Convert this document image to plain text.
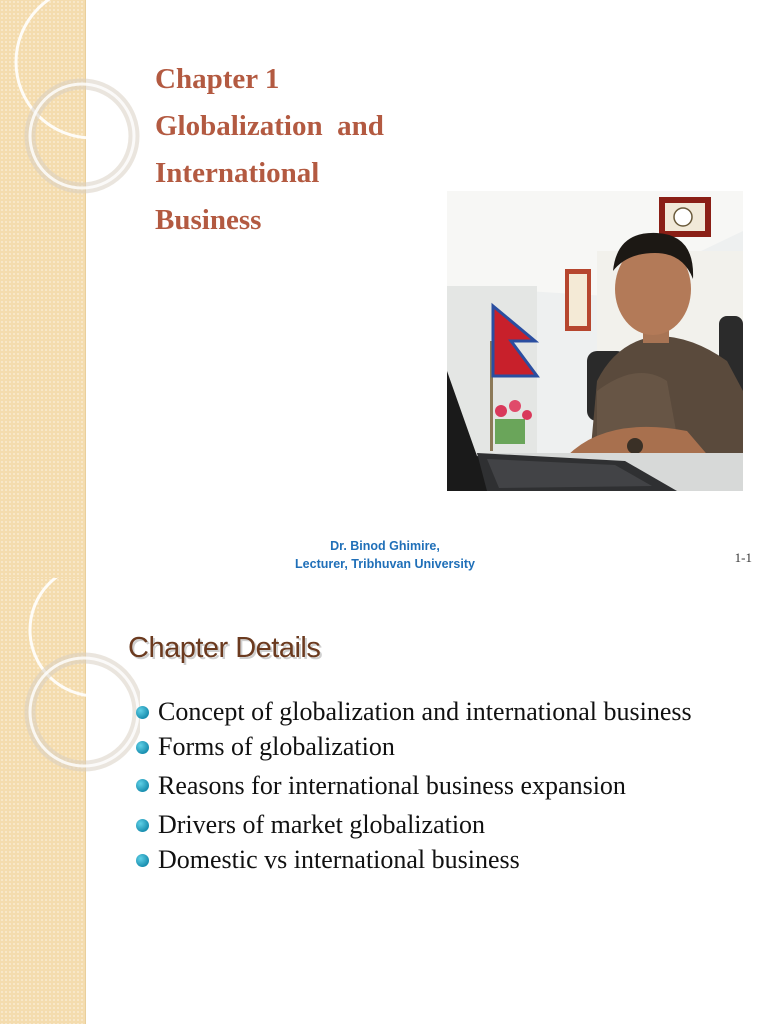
Chapter 1
Globalization  and
International
Business
Dr. Binod Ghimire,
Lecturer, Tribhuvan University	1-1
Chapter Details
Concept of globalization and international business
Forms of globalization
Reasons for international business expansion
Drivers of market globalization
Domestic vs international business
